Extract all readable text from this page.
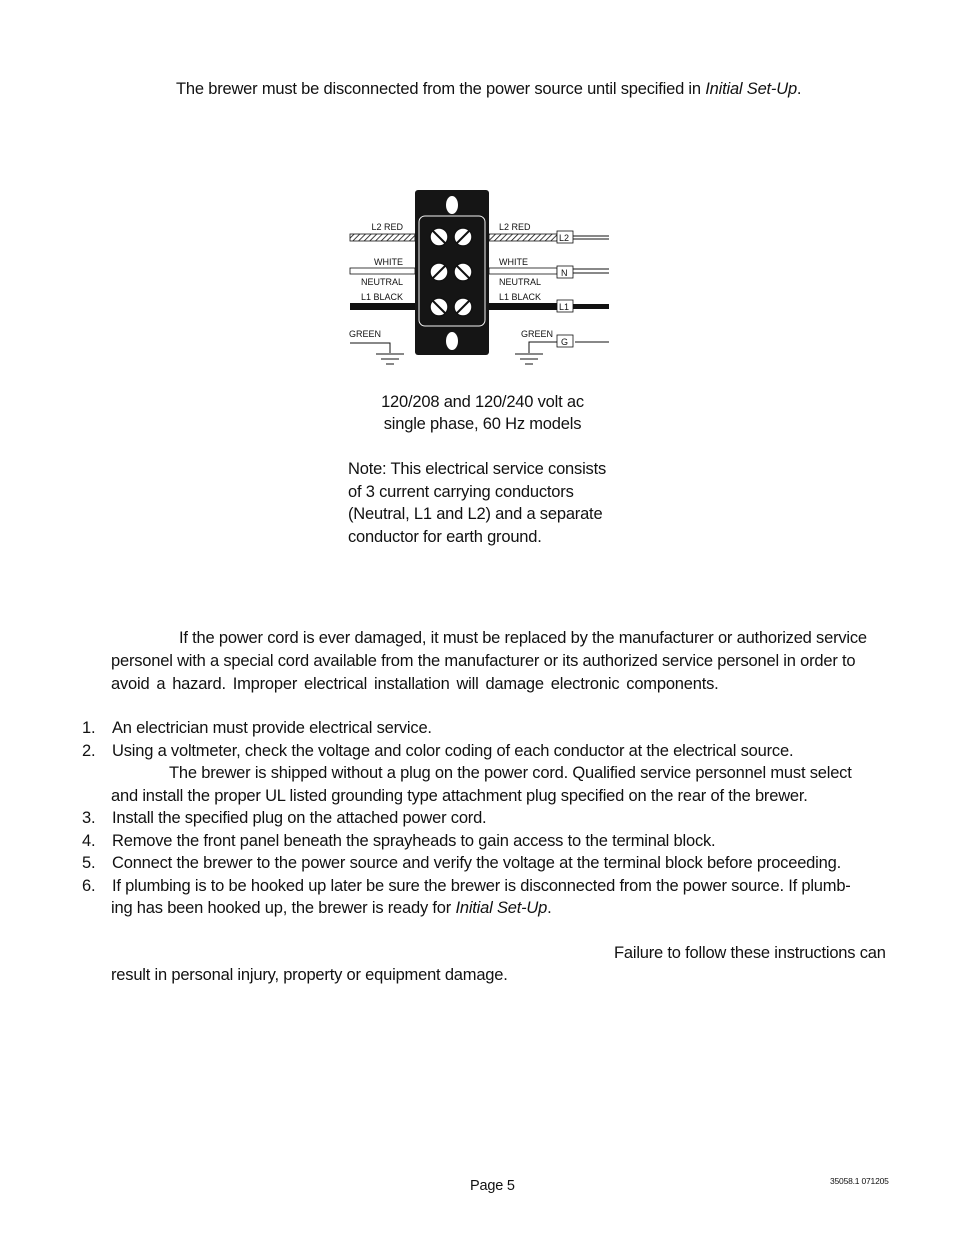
The brewer must be disconnected from the power source until specified in Initial Set-Up.
L2
N
L1
G
L2 RED
WHITE
NEUTRAL
L1 BLACK
GREEN
L2 RED
WHITE
NEUTRAL
L1 BLACK
GREEN
120/208 and 120/240 volt ac
single phase, 60 Hz models
Note: This electrical service consists
of 3 current carrying conductors
(Neutral, L1 and L2) and a separate
conductor for earth ground.
If the power cord is ever damaged, it must be replaced by the manufacturer or authorized service
personel with a special cord available from the manufacturer or its authorized service personel in order to
avoid a hazard. Improper electrical installation will damage electronic components.
1.	An electrician must provide electrical service.
2.	Using a voltmeter, check the voltage and color coding of each conductor at the electrical source.
The brewer is shipped without a plug on the power cord. Qualified service personnel must select
and install the proper UL listed grounding type attachment plug specified on the rear of the brewer.
3.	Install the specified plug on the attached power cord.
4.	Remove the front panel beneath the sprayheads to gain access to the terminal block.
5.	Connect the brewer to the power source and verify the voltage at the terminal block before proceeding.
6.	If plumbing is to be hooked up later be sure the brewer is disconnected from the power source. If plumb-
ing has been hooked up, the brewer is ready for Initial Set-Up.
Failure to follow these instructions can
result in personal injury, property or equipment damage.
Page 5	35058.1 071205
